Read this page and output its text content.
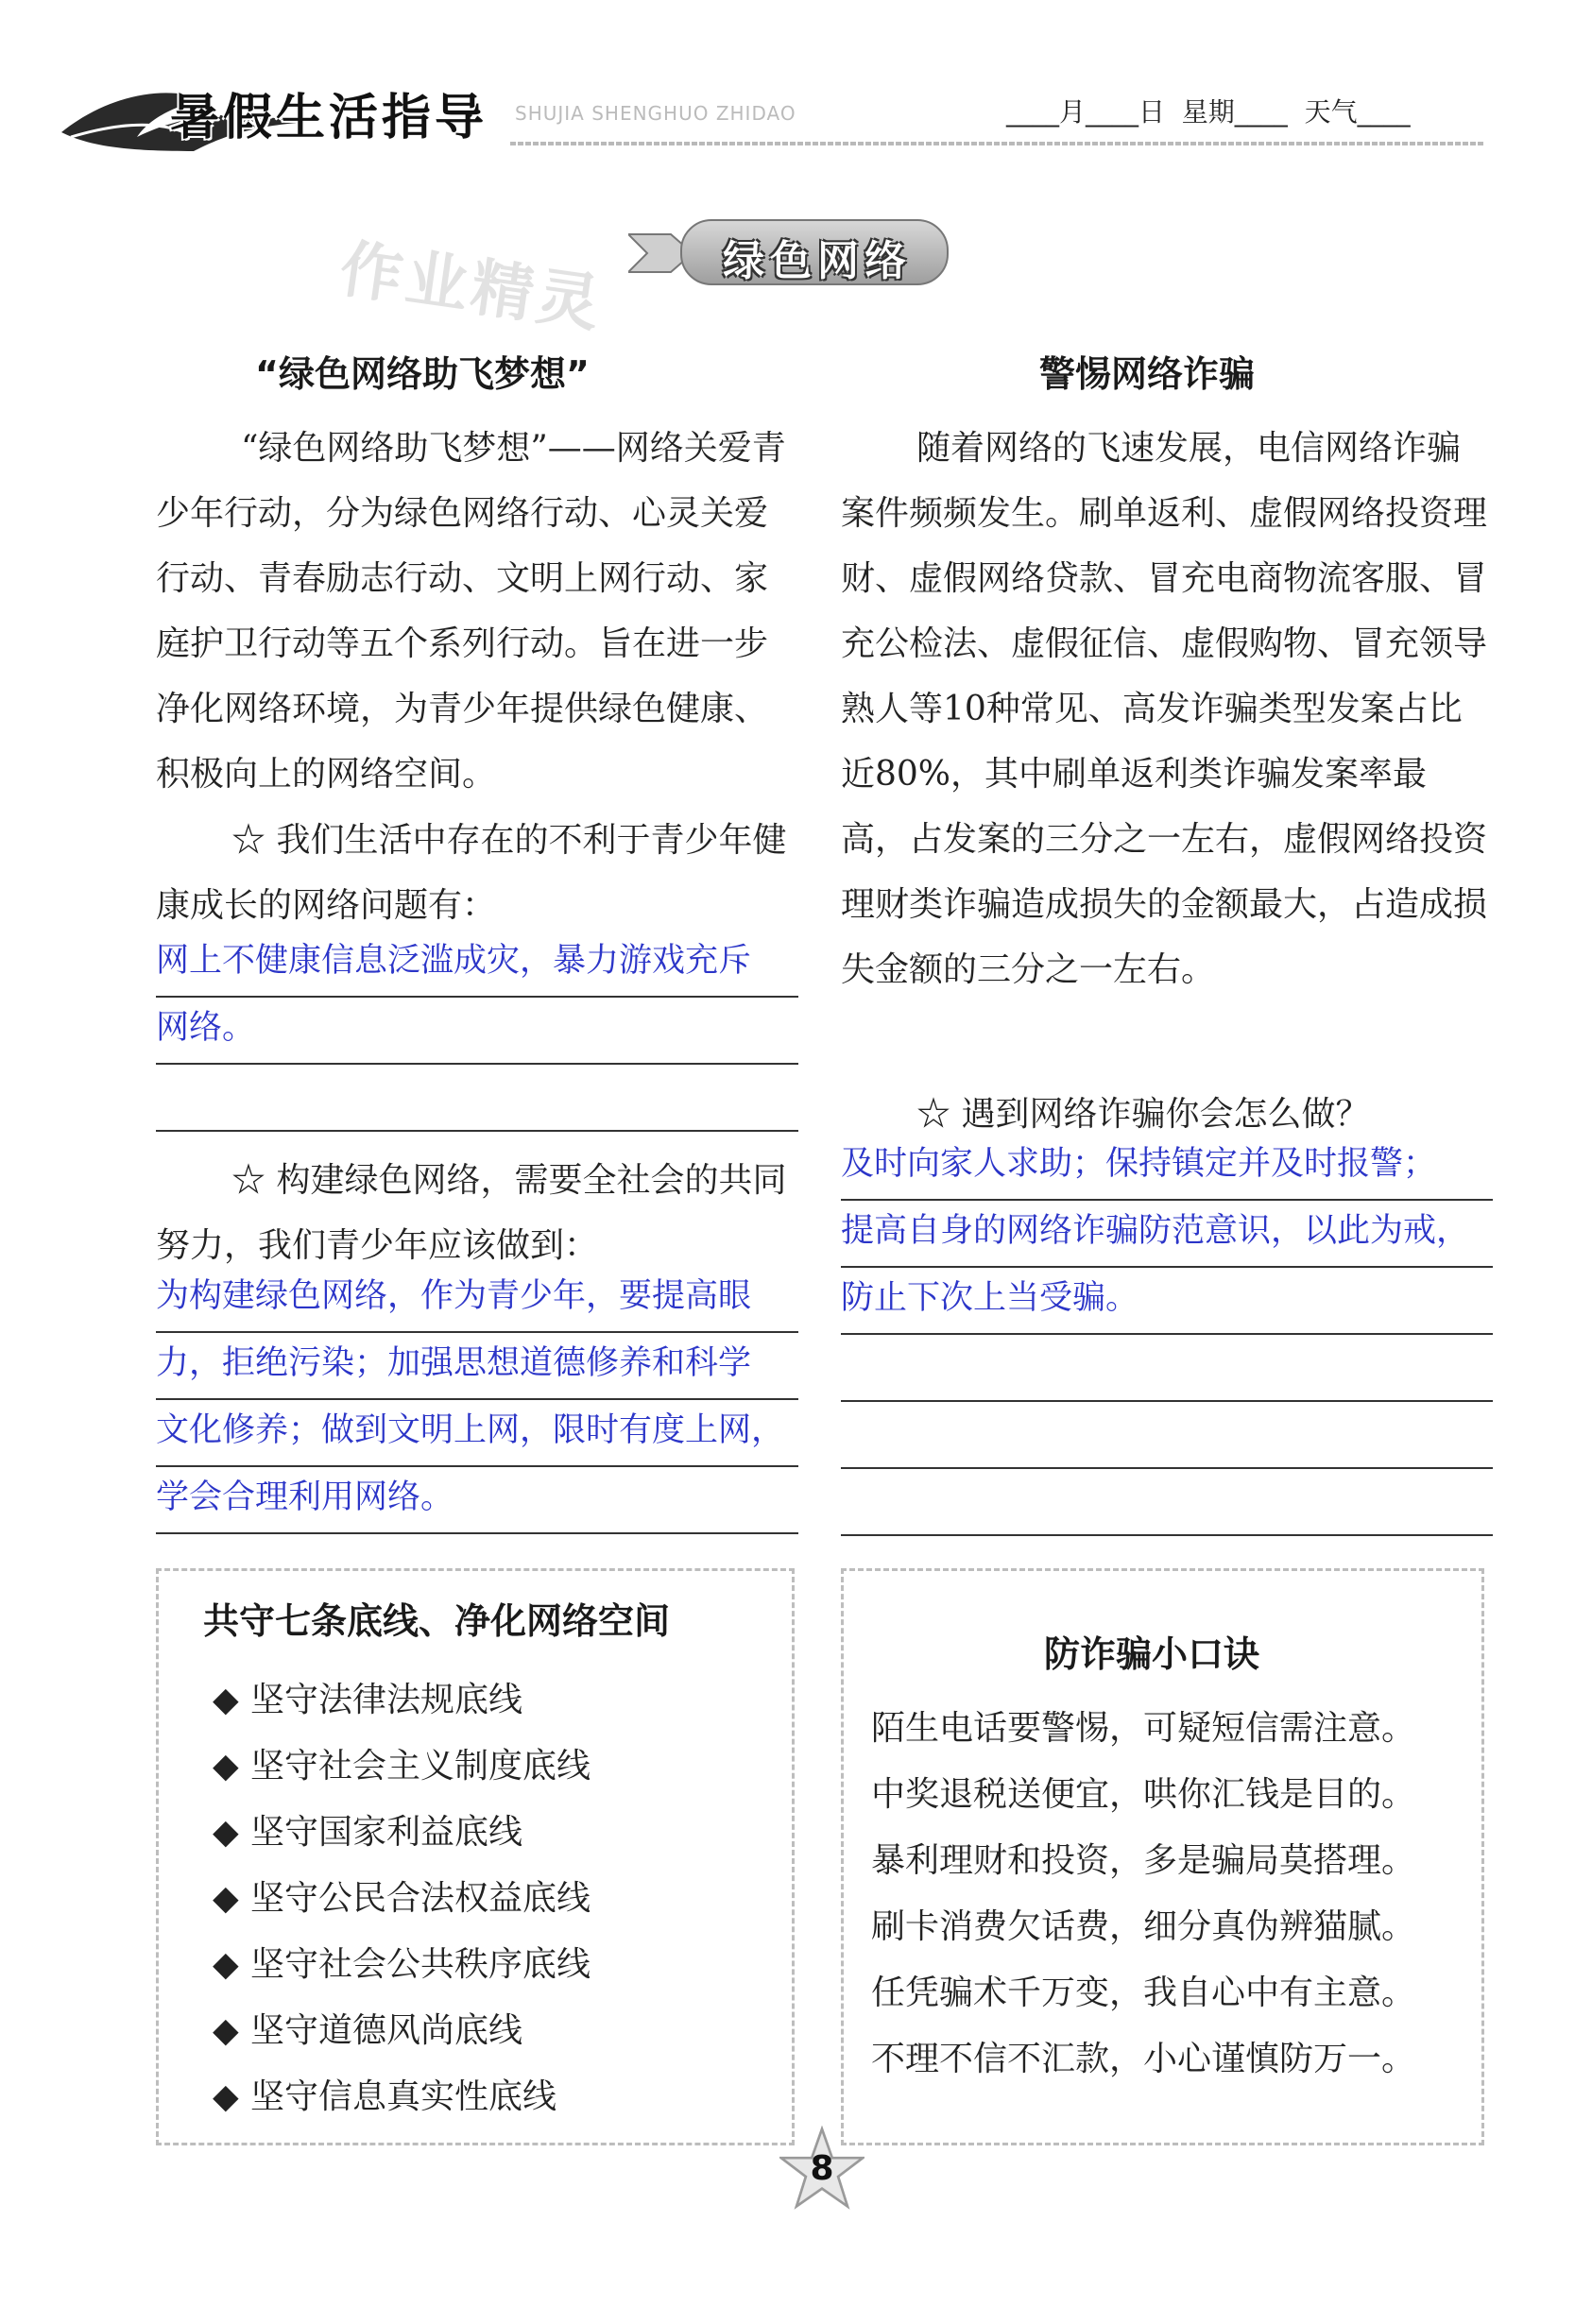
暑假生活指导 SHUJIA SHENGHUO ZHIDAO	____月____日  星期____  天气____
作业精灵	绿色网络
“绿色网络助飞梦想”
“绿色网络助飞梦想”——网络关爱青少年行动，分为绿色网络行动、心灵关爱行动、青春励志行动、文明上网行动、家庭护卫行动等五个系列行动。旨在进一步净化网络环境，为青少年提供绿色健康、积极向上的网络空间。
☆ 我们生活中存在的不利于青少年健康成长的网络问题有：
网上不健康信息泛滥成灾，暴力游戏充斥
网络。
☆ 构建绿色网络，需要全社会的共同努力，我们青少年应该做到：
为构建绿色网络，作为青少年，要提高眼
力，拒绝污染；加强思想道德修养和科学
文化修养；做到文明上网，限时有度上网，
学会合理利用网络。
警惕网络诈骗
随着网络的飞速发展，电信网络诈骗案件频频发生。刷单返利、虚假网络投资理财、虚假网络贷款、冒充电商物流客服、冒充公检法、虚假征信、虚假购物、冒充领导熟人等10种常见、高发诈骗类型发案占比近80%，其中刷单返利类诈骗发案率最高，占发案的三分之一左右，虚假网络投资理财类诈骗造成损失的金额最大，占造成损失金额的三分之一左右。
☆ 遇到网络诈骗你会怎么做？
及时向家人求助；保持镇定并及时报警；
提高自身的网络诈骗防范意识，以此为戒，
防止下次上当受骗。
共守七条底线、净化网络空间
◆ 坚守法律法规底线
◆ 坚守社会主义制度底线
◆ 坚守国家利益底线
◆ 坚守公民合法权益底线
◆ 坚守社会公共秩序底线
◆ 坚守道德风尚底线
◆ 坚守信息真实性底线
防诈骗小口诀
陌生电话要警惕，可疑短信需注意。
中奖退税送便宜，哄你汇钱是目的。
暴利理财和投资，多是骗局莫搭理。
刷卡消费欠话费，细分真伪辨猫腻。
任凭骗术千万变，我自心中有主意。
不理不信不汇款，小心谨慎防万一。
8
